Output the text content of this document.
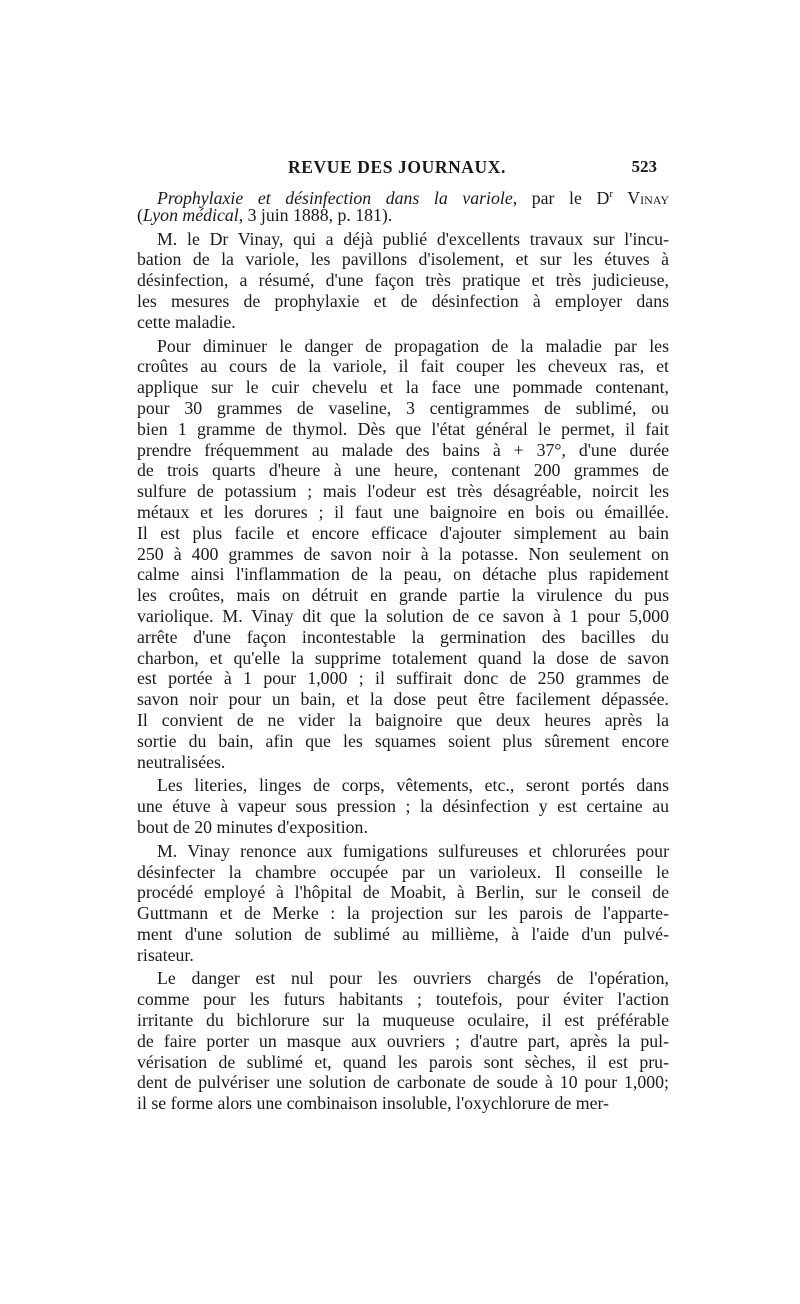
REVUE DES JOURNAUX.	523
Prophylaxie et désinfection dans la variole, par le $D^r$ Vinay
(Lyon médical, 3 juin 1888, p. 181).
M. le Dr Vinay, qui a déjà publié d'excellents travaux sur l'incu-
bation de la variole, les pavillons d'isolement, et sur les étuves à
désinfection, a résumé, d'une façon très pratique et très judicieuse,
les mesures de prophylaxie et de désinfection à employer dans
cette maladie.
Pour diminuer le danger de propagation de la maladie par les
croûtes au cours de la variole, il fait couper les cheveux ras, et
applique sur le cuir chevelu et la face une pommade contenant,
pour 30 grammes de vaseline, 3 centigrammes de sublimé, ou
bien 1 gramme de thymol. Dès que l'état général le permet, il fait
prendre fréquemment au malade des bains à + 37°, d'une durée
de trois quarts d'heure à une heure, contenant 200 grammes de
sulfure de potassium ; mais l'odeur est très désagréable, noircit les
métaux et les dorures ; il faut une baignoire en bois ou émaillée.
Il est plus facile et encore efficace d'ajouter simplement au bain
250 à 400 grammes de savon noir à la potasse. Non seulement on
calme ainsi l'inflammation de la peau, on détache plus rapidement
les croûtes, mais on détruit en grande partie la virulence du pus
variolique. M. Vinay dit que la solution de ce savon à 1 pour 5,000
arrête d'une façon incontestable la germination des bacilles du
charbon, et qu'elle la supprime totalement quand la dose de savon
est portée à 1 pour 1,000 ; il suffirait donc de 250 grammes de
savon noir pour un bain, et la dose peut être facilement dépassée.
Il convient de ne vider la baignoire que deux heures après la
sortie du bain, afin que les squames soient plus sûrement encore
neutralisées.
Les literies, linges de corps, vêtements, etc., seront portés dans
une étuve à vapeur sous pression ; la désinfection y est certaine au
bout de 20 minutes d'exposition.
M. Vinay renonce aux fumigations sulfureuses et chlorurées pour
désinfecter la chambre occupée par un varioleux. Il conseille le
procédé employé à l'hôpital de Moabit, à Berlin, sur le conseil de
Guttmann et de Merke : la projection sur les parois de l'apparte-
ment d'une solution de sublimé au millième, à l'aide d'un pulvé-
risateur.
Le danger est nul pour les ouvriers chargés de l'opération,
comme pour les futurs habitants ; toutefois, pour éviter l'action
irritante du bichlorure sur la muqueuse oculaire, il est préférable
de faire porter un masque aux ouvriers ; d'autre part, après la pul-
vérisation de sublimé et, quand les parois sont sèches, il est pru-
dent de pulvériser une solution de carbonate de soude à 10 pour 1,000;
il se forme alors une combinaison insoluble, l'oxychlorure de mer-
